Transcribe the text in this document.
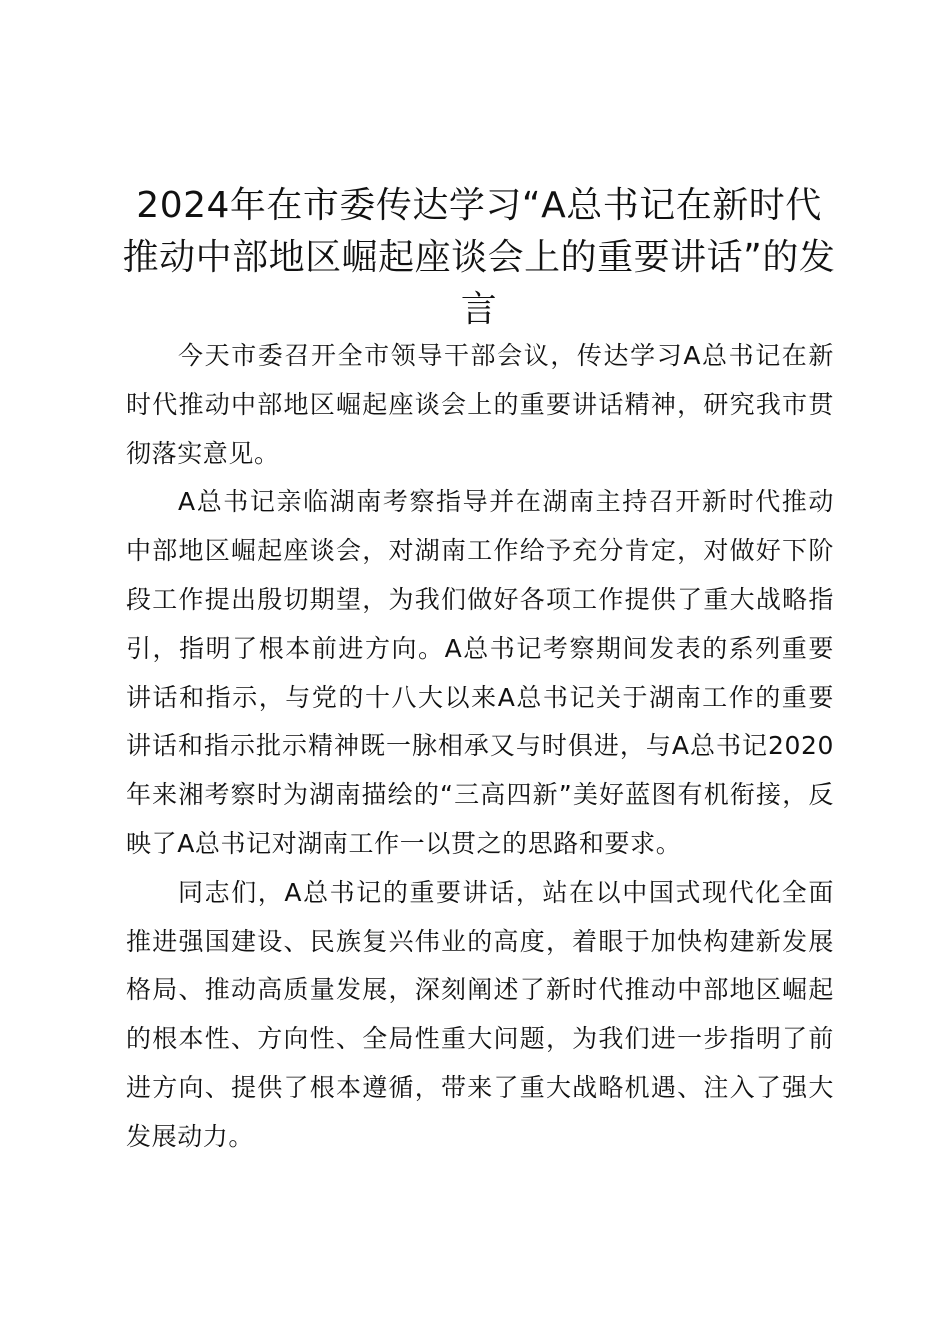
2024年在市委传达学习“A总书记在新时代推动中部地区崛起座谈会上的重要讲话”的发言

今天市委召开全市领导干部会议，传达学习A总书记在新时代推动中部地区崛起座谈会上的重要讲话精神，研究我市贯彻落实意见。

A总书记亲临湖南考察指导并在湖南主持召开新时代推动中部地区崛起座谈会，对湖南工作给予充分肯定，对做好下阶段工作提出殷切期望，为我们做好各项工作提供了重大战略指引，指明了根本前进方向。A总书记考察期间发表的系列重要讲话和指示，与党的十八大以来A总书记关于湖南工作的重要讲话和指示批示精神既一脉相承又与时俱进，与A总书记2020年来湘考察时为湖南描绘的“三高四新”美好蓝图有机衔接，反映了A总书记对湖南工作一以贯之的思路和要求。

同志们，A总书记的重要讲话，站在以中国式现代化全面推进强国建设、民族复兴伟业的高度，着眼于加快构建新发展格局、推动高质量发展，深刻阐述了新时代推动中部地区崛起的根本性、方向性、全局性重大问题，为我们进一步指明了前进方向、提供了根本遵循，带来了重大战略机遇、注入了强大发展动力。
